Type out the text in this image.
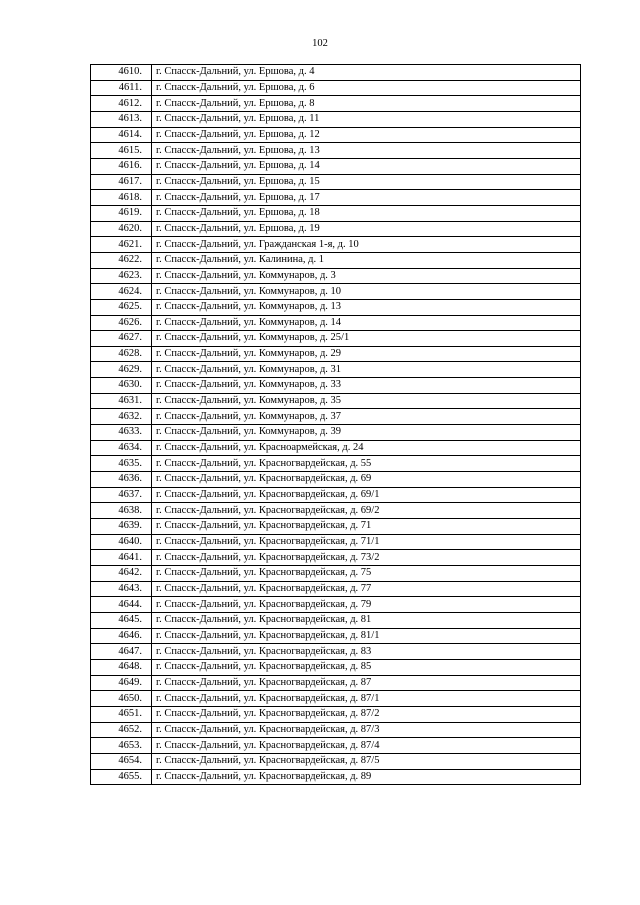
102
4610.	г. Спасск-Дальний, ул. Ершова, д. 4
4611.	г. Спасск-Дальний, ул. Ершова, д. 6
4612.	г. Спасск-Дальний, ул. Ершова, д. 8
4613.	г. Спасск-Дальний, ул. Ершова, д. 11
4614.	г. Спасск-Дальний, ул. Ершова, д. 12
4615.	г. Спасск-Дальний, ул. Ершова, д. 13
4616.	г. Спасск-Дальний, ул. Ершова, д. 14
4617.	г. Спасск-Дальний, ул. Ершова, д. 15
4618.	г. Спасск-Дальний, ул. Ершова, д. 17
4619.	г. Спасск-Дальний, ул. Ершова, д. 18
4620.	г. Спасск-Дальний, ул. Ершова, д. 19
4621.	г. Спасск-Дальний, ул. Гражданская 1-я, д. 10
4622.	г. Спасск-Дальний, ул. Калинина, д. 1
4623.	г. Спасск-Дальний, ул. Коммунаров, д. 3
4624.	г. Спасск-Дальний, ул. Коммунаров, д. 10
4625.	г. Спасск-Дальний, ул. Коммунаров, д. 13
4626.	г. Спасск-Дальний, ул. Коммунаров, д. 14
4627.	г. Спасск-Дальний, ул. Коммунаров, д. 25/1
4628.	г. Спасск-Дальний, ул. Коммунаров, д. 29
4629.	г. Спасск-Дальний, ул. Коммунаров, д. 31
4630.	г. Спасск-Дальний, ул. Коммунаров, д. 33
4631.	г. Спасск-Дальний, ул. Коммунаров, д. 35
4632.	г. Спасск-Дальний, ул. Коммунаров, д. 37
4633.	г. Спасск-Дальний, ул. Коммунаров, д. 39
4634.	г. Спасск-Дальний, ул. Красноармейская, д. 24
4635.	г. Спасск-Дальний, ул. Красногвардейская, д. 55
4636.	г. Спасск-Дальний, ул. Красногвардейская, д. 69
4637.	г. Спасск-Дальний, ул. Красногвардейская, д. 69/1
4638.	г. Спасск-Дальний, ул. Красногвардейская, д. 69/2
4639.	г. Спасск-Дальний, ул. Красногвардейская, д. 71
4640.	г. Спасск-Дальний, ул. Красногвардейская, д. 71/1
4641.	г. Спасск-Дальний, ул. Красногвардейская, д. 73/2
4642.	г. Спасск-Дальний, ул. Красногвардейская, д. 75
4643.	г. Спасск-Дальний, ул. Красногвардейская, д. 77
4644.	г. Спасск-Дальний, ул. Красногвардейская, д. 79
4645.	г. Спасск-Дальний, ул. Красногвардейская, д. 81
4646.	г. Спасск-Дальний, ул. Красногвардейская, д. 81/1
4647.	г. Спасск-Дальний, ул. Красногвардейская, д. 83
4648.	г. Спасск-Дальний, ул. Красногвардейская, д. 85
4649.	г. Спасск-Дальний, ул. Красногвардейская, д. 87
4650.	г. Спасск-Дальний, ул. Красногвардейская, д. 87/1
4651.	г. Спасск-Дальний, ул. Красногвардейская, д. 87/2
4652.	г. Спасск-Дальний, ул. Красногвардейская, д. 87/3
4653.	г. Спасск-Дальний, ул. Красногвардейская, д. 87/4
4654.	г. Спасск-Дальний, ул. Красногвардейская, д. 87/5
4655.	г. Спасск-Дальний, ул. Красногвардейская, д. 89
